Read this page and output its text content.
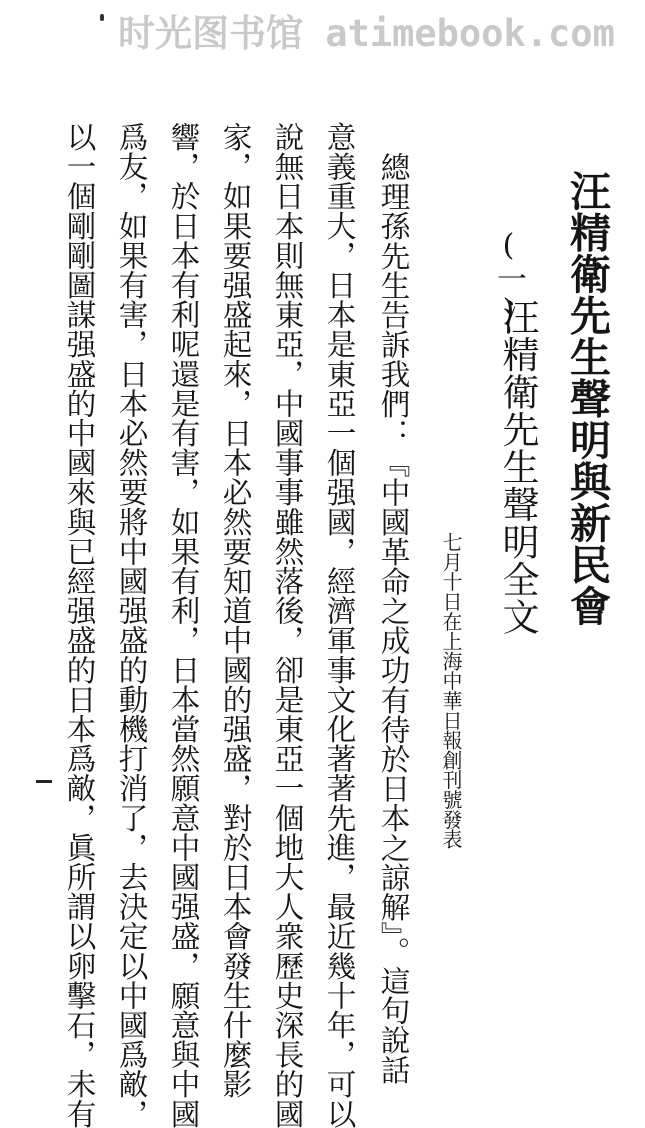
时光图书馆 atimebook.com
汪精衛先生聲明與新民會
(一)
汪精衛先生聲明全文
七月十日在上海中華日報創刊號發表
總理孫先生告訴我們：『中國革命之成功有待於日本之諒解』。這句說話
意義重大，日本是東亞一個强國，經濟軍事文化著著先進，最近幾十年，可以
說無日本則無東亞，中國事事雖然落後，卻是東亞一個地大人衆歷史深長的國
家，如果要强盛起來，日本必然要知道中國的强盛，對於日本會發生什麼影
響，於日本有利呢還是有害，如果有利，日本當然願意中國强盛，願意與中國
爲友，如果有害，日本必然要將中國强盛的動機打消了，去決定以中國爲敵，
以一個剛剛圖謀强盛的中國來與已經强盛的日本爲敵，眞所謂以卵擊石，未有
